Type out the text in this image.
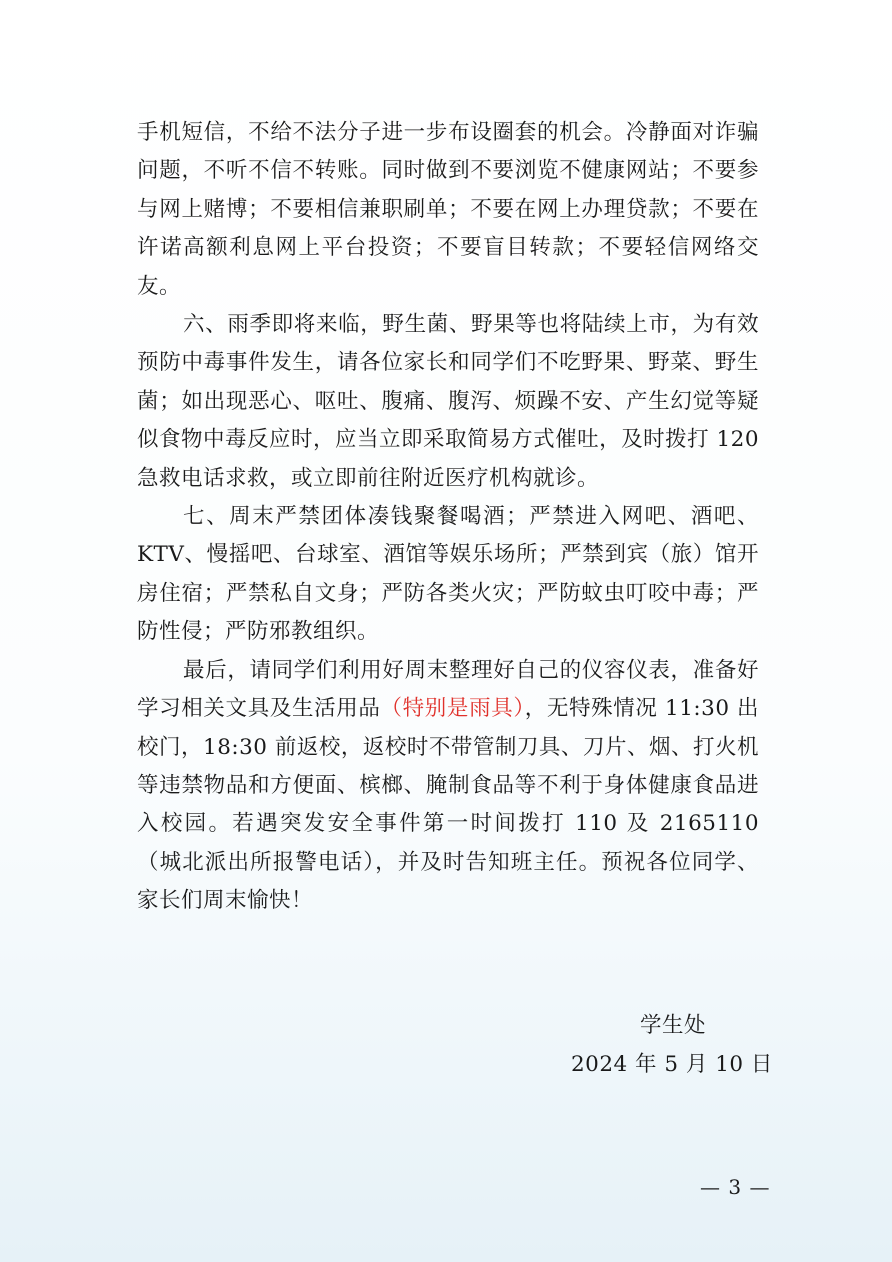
手机短信，不给不法分子进一步布设圈套的机会。冷静面对诈骗问题，不听不信不转账。同时做到不要浏览不健康网站；不要参与网上赌博；不要相信兼职刷单；不要在网上办理贷款；不要在许诺高额利息网上平台投资；不要盲目转款；不要轻信网络交友。

六、雨季即将来临，野生菌、野果等也将陆续上市，为有效预防中毒事件发生，请各位家长和同学们不吃野果、野菜、野生菌；如出现恶心、呕吐、腹痛、腹泻、烦躁不安、产生幻觉等疑似食物中毒反应时，应当立即采取简易方式催吐，及时拨打 120 急救电话求救，或立即前往附近医疗机构就诊。

七、周末严禁团体凑钱聚餐喝酒；严禁进入网吧、酒吧、KTV、慢摇吧、台球室、酒馆等娱乐场所；严禁到宾（旅）馆开房住宿；严禁私自文身；严防各类火灾；严防蚊虫叮咬中毒；严防性侵；严防邪教组织。

最后，请同学们利用好周末整理好自己的仪容仪表，准备好学习相关文具及生活用品（特别是雨具），无特殊情况 11:30 出校门，18:30 前返校，返校时不带管制刀具、刀片、烟、打火机等违禁物品和方便面、槟榔、腌制食品等不利于身体健康食品进入校园。若遇突发安全事件第一时间拨打 110 及 2165110（城北派出所报警电话），并及时告知班主任。预祝各位同学、家长们周末愉快！

学生处
2024 年 5 月 10 日
— 3 —
